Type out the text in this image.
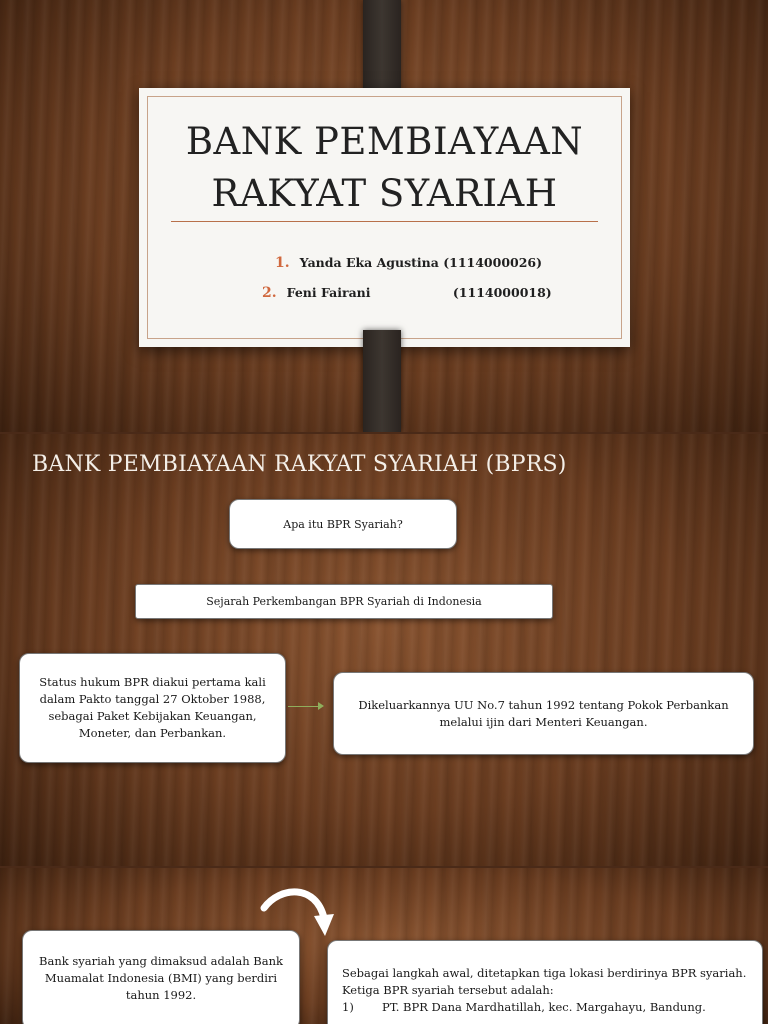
BANK PEMBIAYAAN
RAKYAT SYARIAH
1. Yanda Eka Agustina (1114000026)
2. Feni Fairani	(1114000018)
BANK PEMBIAYAAN RAKYAT SYARIAH (BPRS)
Apa itu BPR Syariah?
Sejarah Perkembangan BPR Syariah di Indonesia
Status hukum BPR diakui pertama kali dalam Pakto tanggal 27 Oktober 1988, sebagai Paket Kebijakan Keuangan, Moneter, dan Perbankan.
Dikeluarkannya UU No.7 tahun 1992 tentang Pokok Perbankan melalui ijin dari Menteri Keuangan.
Bank syariah yang dimaksud adalah Bank Muamalat Indonesia (BMI) yang berdiri tahun 1992.
Sebagai langkah awal, ditetapkan tiga lokasi berdirinya BPR syariah. Ketiga BPR syariah tersebut adalah:
1)	PT. BPR Dana Mardhatillah, kec. Margahayu, Bandung.
